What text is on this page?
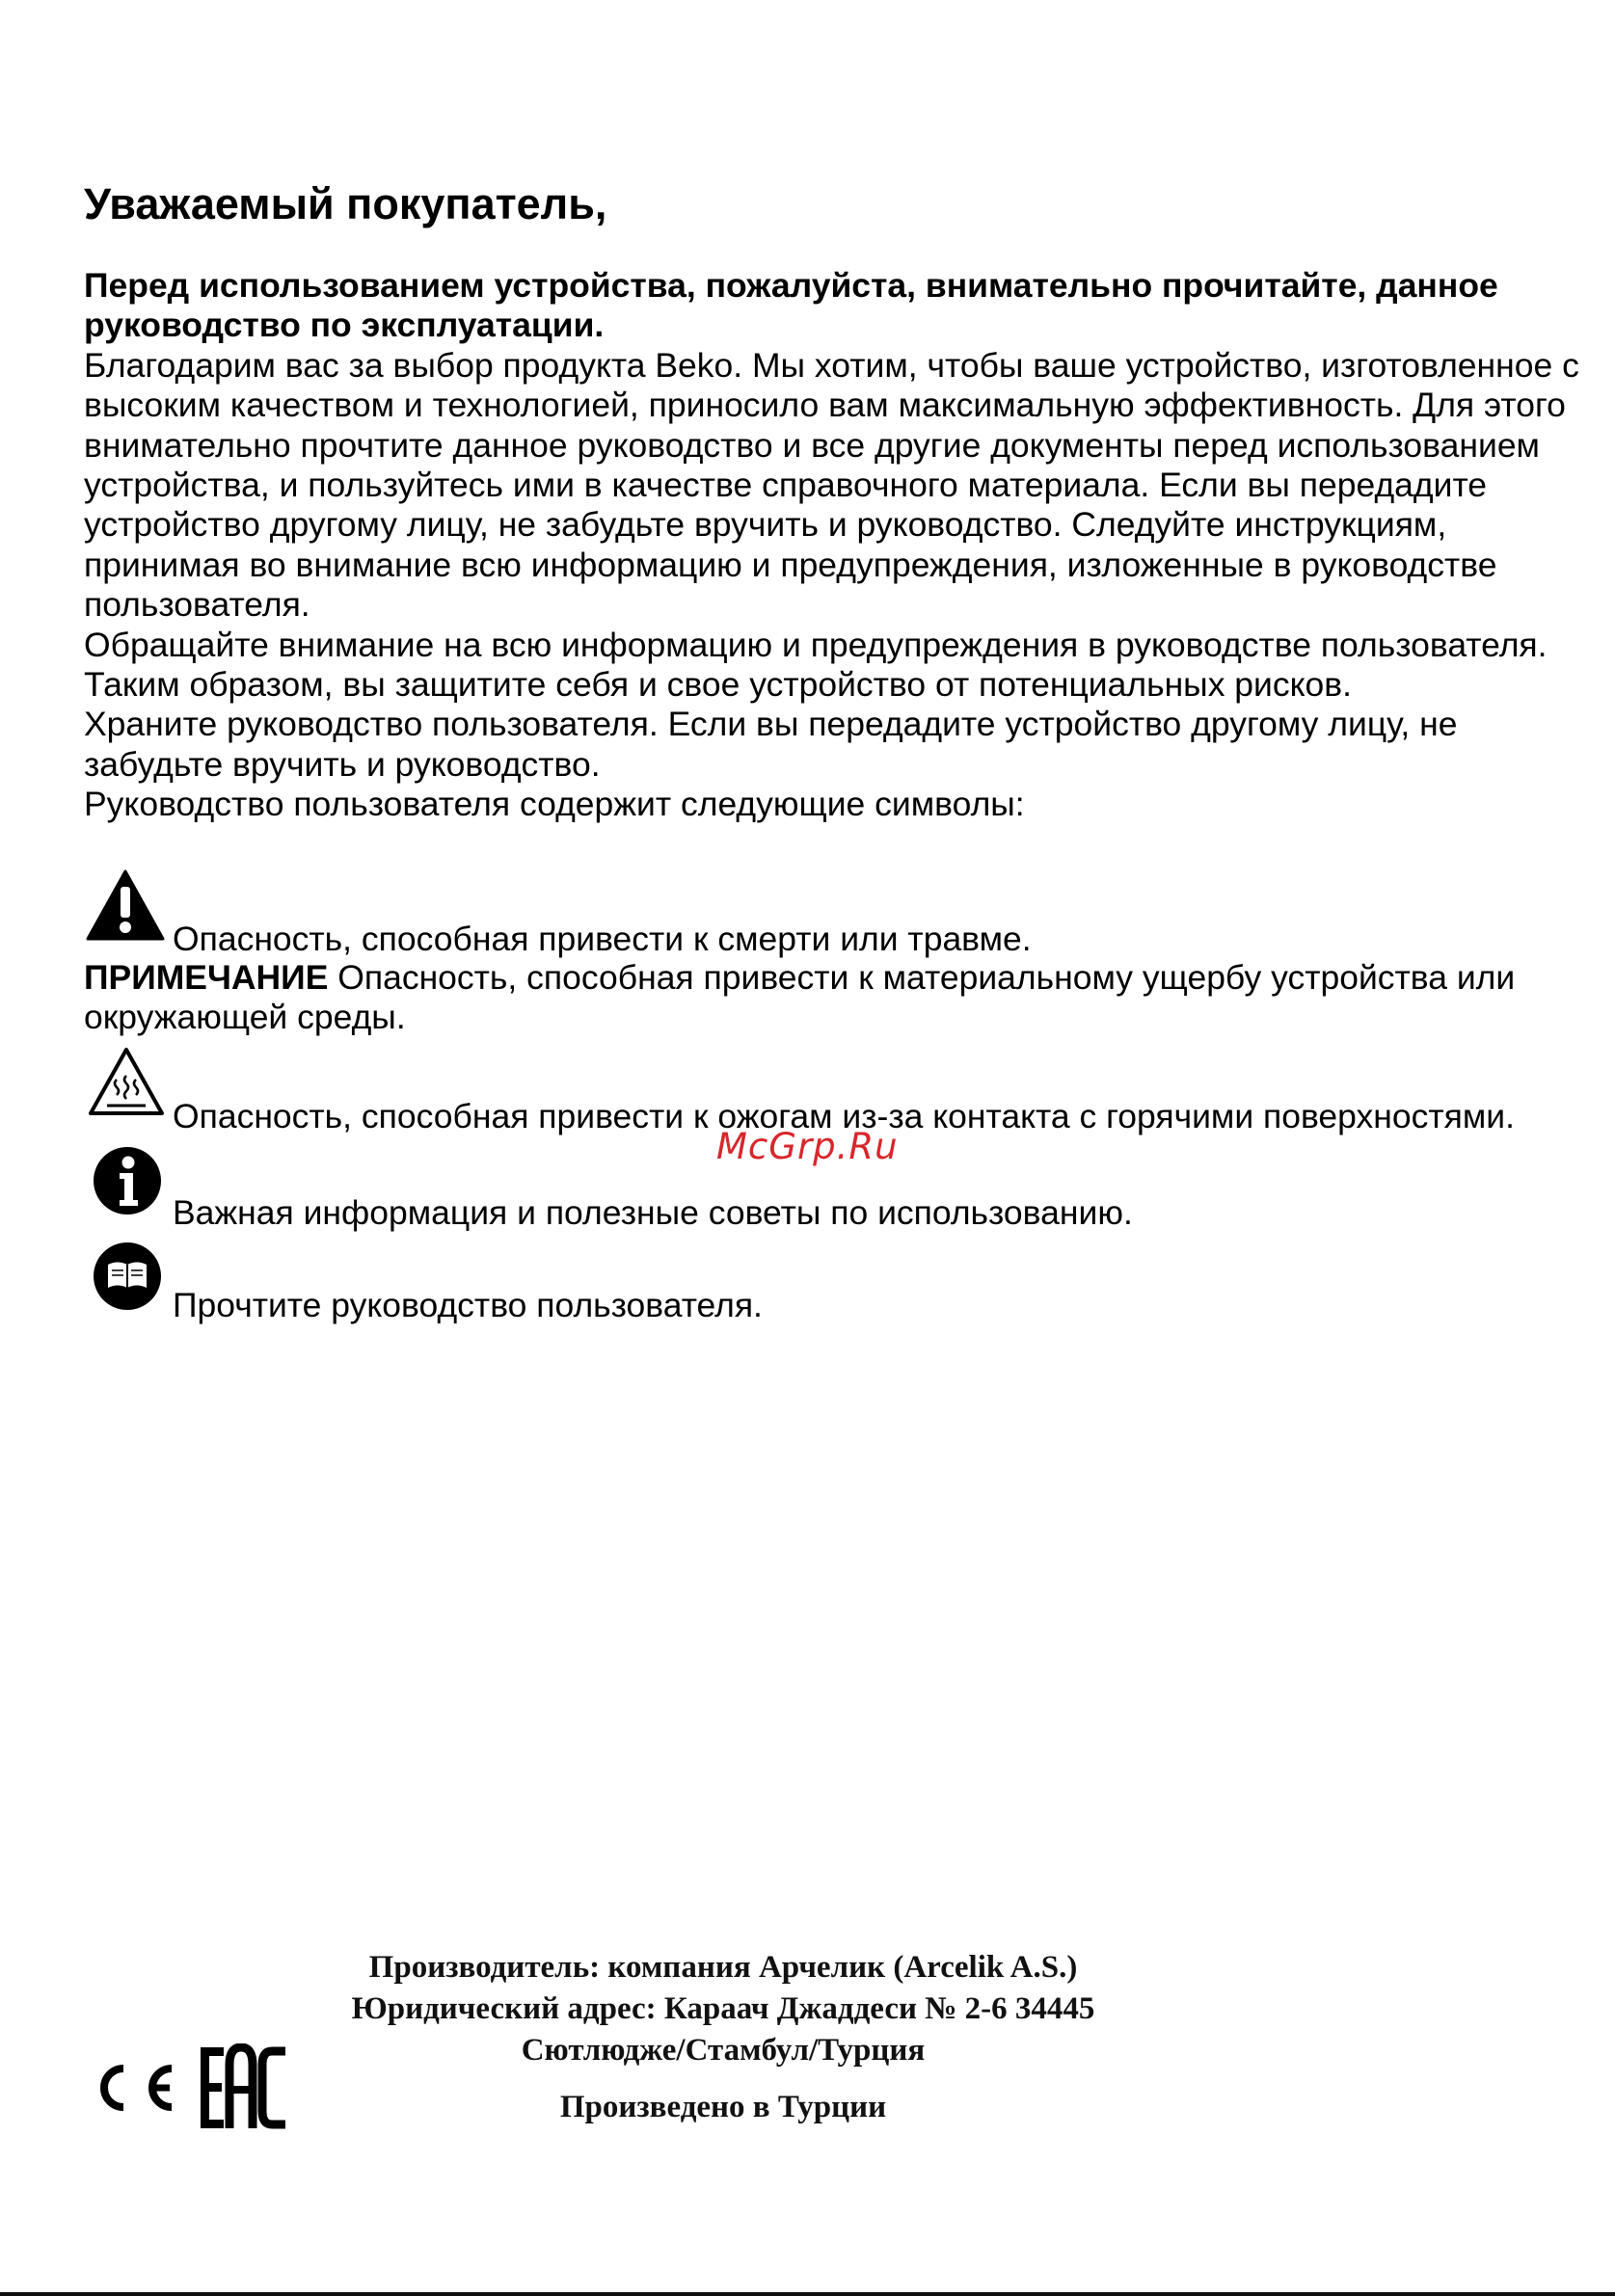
Уважаемый покупатель,

Перед использованием устройства, пожалуйста, внимательно прочитайте, данное руководство по эксплуатации.

Благодарим вас за выбор продукта Beko. Мы хотим, чтобы ваше устройство, изготовленное с высоким качеством и технологией, приносило вам максимальную эффективность. Для этого внимательно прочтите данное руководство и все другие документы перед использованием устройства, и пользуйтесь ими в качестве справочного материала. Если вы передадите устройство другому лицу, не забудьте вручить и руководство. Следуйте инструкциям, принимая во внимание всю информацию и предупреждения, изложенные в руководстве пользователя.

Обращайте внимание на всю информацию и предупреждения в руководстве пользователя. Таким образом, вы защитите себя и свое устройство от потенциальных рисков.

Храните руководство пользователя. Если вы передадите устройство другому лицу, не забудьте вручить и руководство.

Руководство пользователя содержит следующие символы:

Опасность, способная привести к смерти или травме.
ПРИМЕЧАНИЕ Опасность, способная привести к материальному ущербу устройства или окружающей среды.
Опасность, способная привести к ожогам из-за контакта с горячими поверхностями.
McGrp.Ru
Важная информация и полезные советы по использованию.
Прочтите руководство пользователя.
Производитель: компания Арчелик (Arcelik A.S.)
Юридический адрес: Караач Джаддеси № 2-6 34445
Сютлюдже/Стамбул/Турция
Произведено в Турции
